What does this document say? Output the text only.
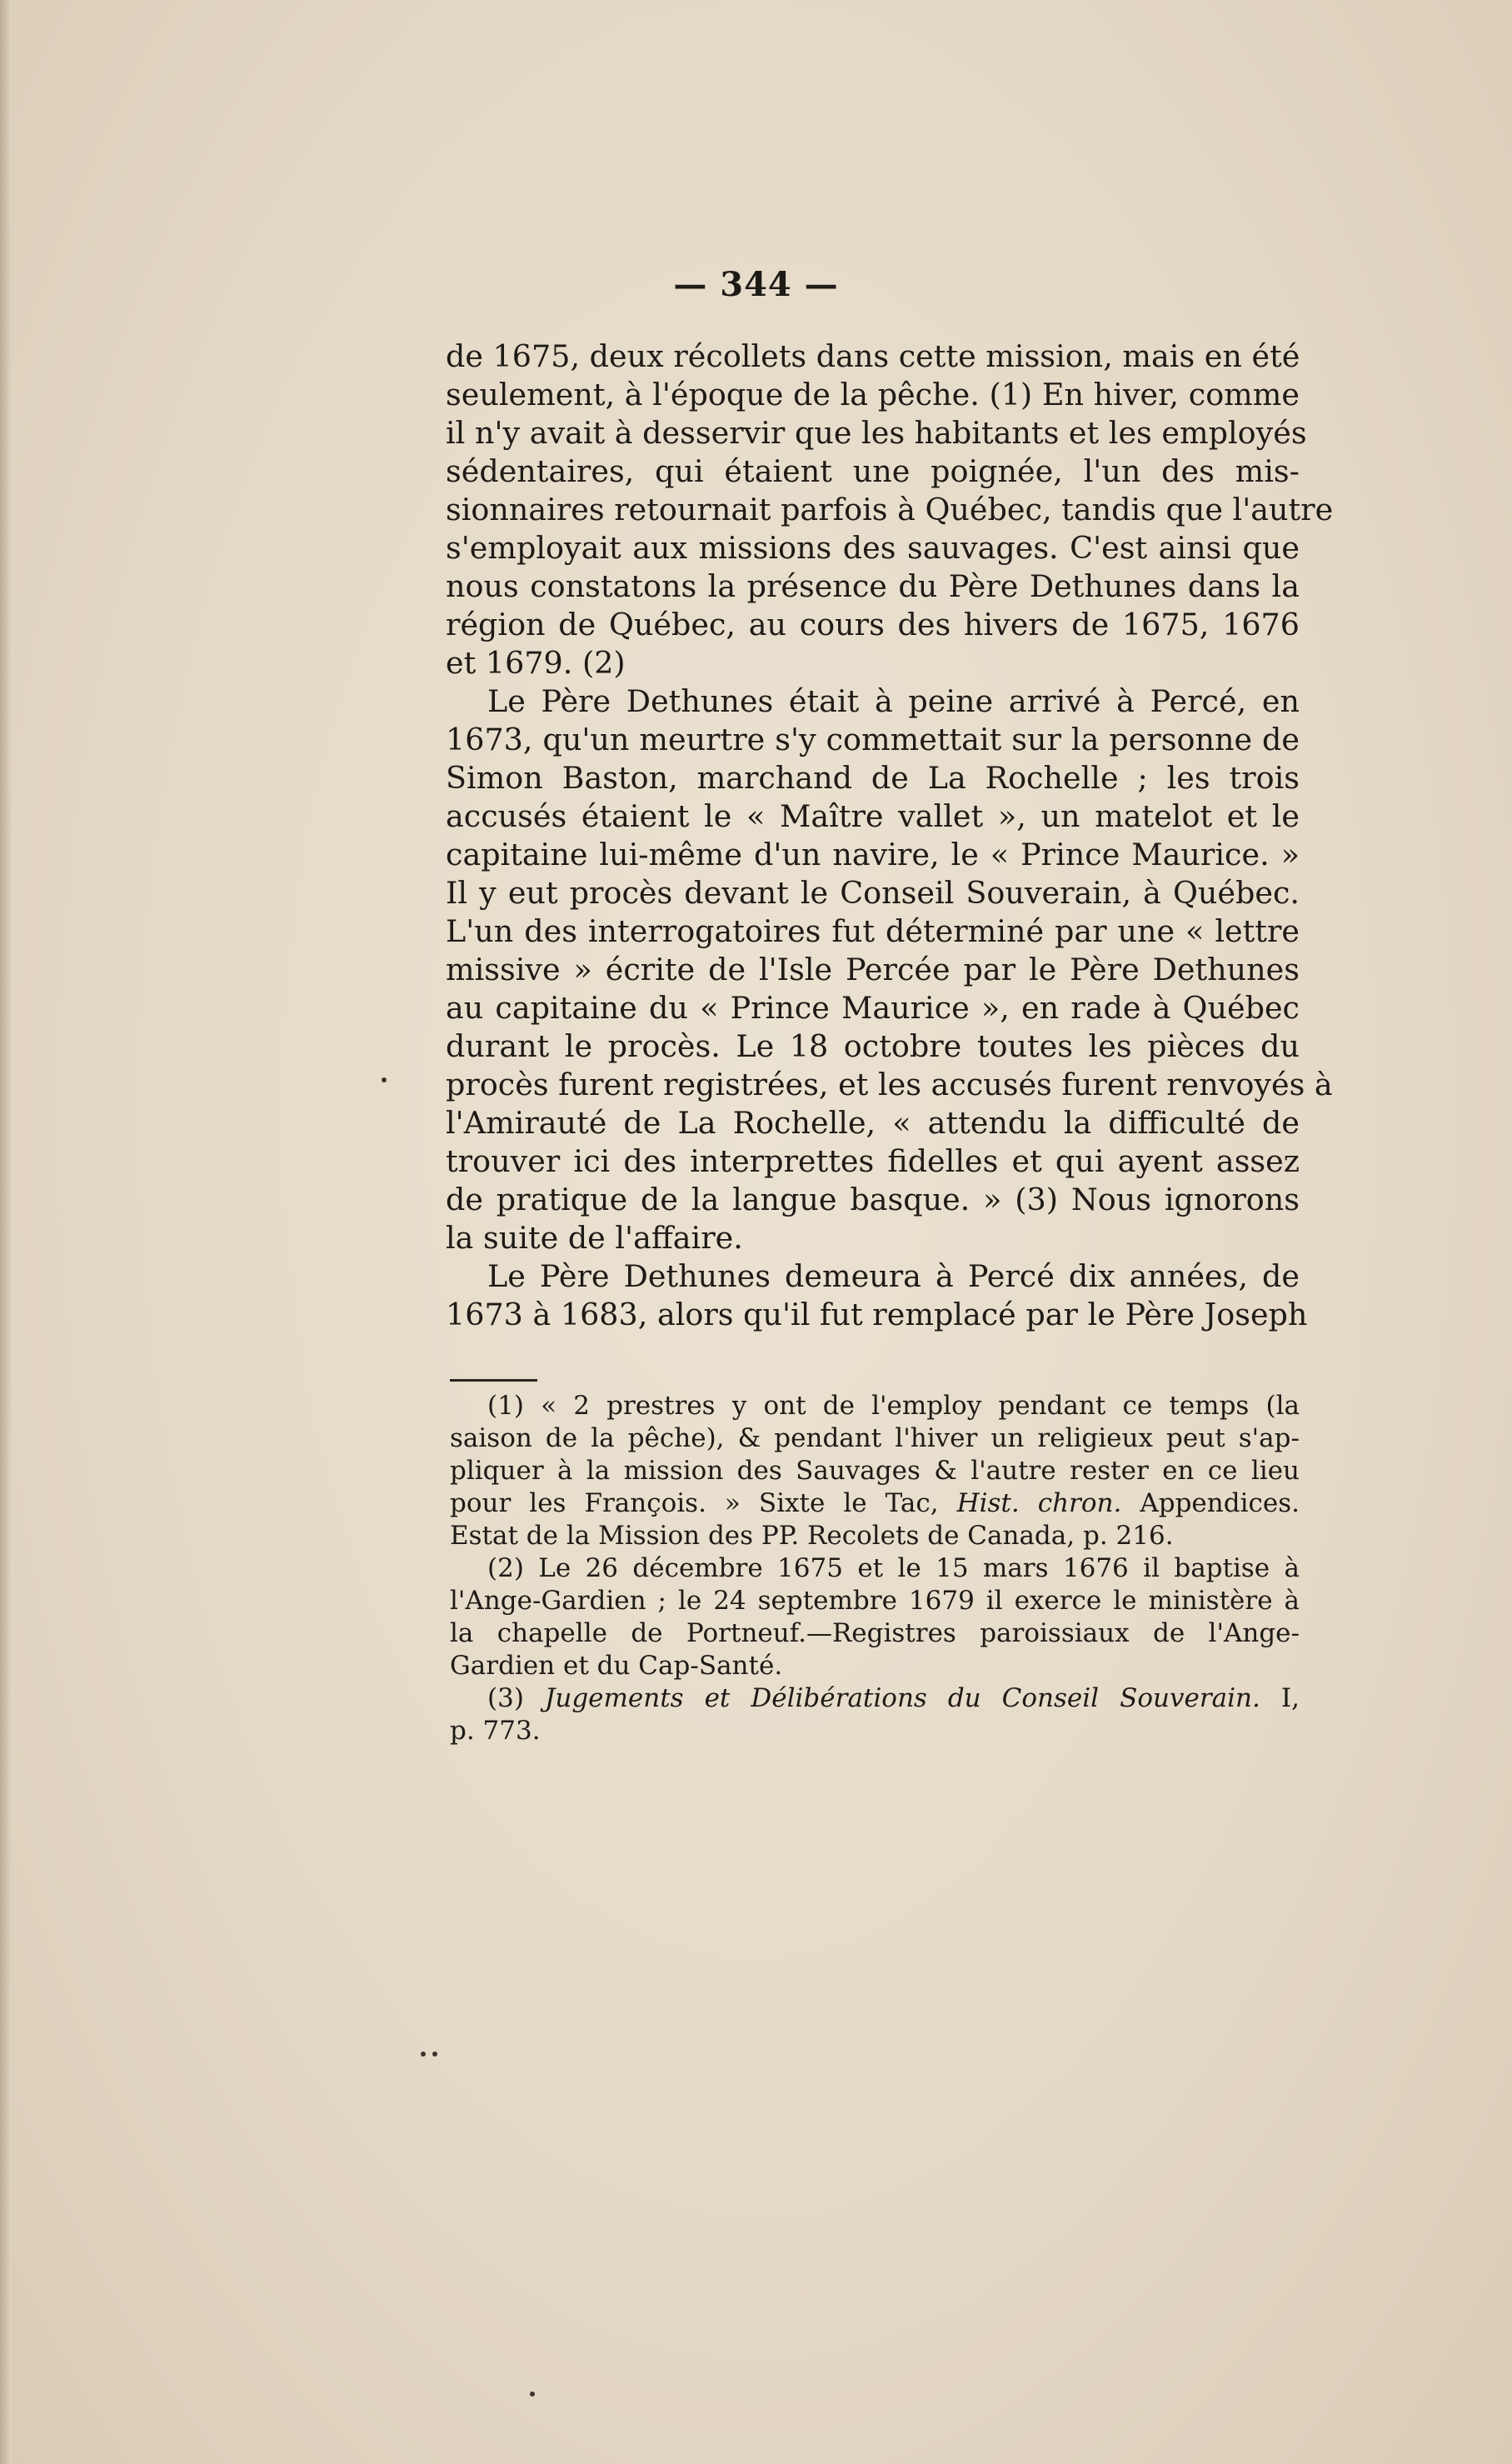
— 344 —
de 1675, deux récollets dans cette mission, mais en été
seulement, à l'époque de la pêche. (1) En hiver, comme
il n'y avait à desservir que les habitants et les employés
sédentaires, qui étaient une poignée, l'un des mis-
sionnaires retournait parfois à Québec, tandis que l'autre
s'employait aux missions des sauvages. C'est ainsi que
nous constatons la présence du Père Dethunes dans la
région de Québec, au cours des hivers de 1675, 1676
et 1679. (2)
Le Père Dethunes était à peine arrivé à Percé, en
1673, qu'un meurtre s'y commettait sur la personne de
Simon Baston, marchand de La Rochelle ; les trois
accusés étaient le « Maître vallet », un matelot et le
capitaine lui-même d'un navire, le « Prince Maurice. »
Il y eut procès devant le Conseil Souverain, à Québec.
L'un des interrogatoires fut déterminé par une « lettre
missive » écrite de l'Isle Percée par le Père Dethunes
au capitaine du « Prince Maurice », en rade à Québec
durant le procès. Le 18 octobre toutes les pièces du
procès furent registrées, et les accusés furent renvoyés à
l'Amirauté de La Rochelle, « attendu la difficulté de
trouver ici des interprettes fidelles et qui ayent assez
de pratique de la langue basque. » (3) Nous ignorons
la suite de l'affaire.
Le Père Dethunes demeura à Percé dix années, de
1673 à 1683, alors qu'il fut remplacé par le Père Joseph
(1) « 2 prestres y ont de l'employ pendant ce temps (la
saison de la pêche), & pendant l'hiver un religieux peut s'ap-
pliquer à la mission des Sauvages & l'autre rester en ce lieu
pour les François. » Sixte le Tac, Hist. chron. Appendices.
Estat de la Mission des PP. Recolets de Canada, p. 216.
(2) Le 26 décembre 1675 et le 15 mars 1676 il baptise à
l'Ange-Gardien ; le 24 septembre 1679 il exerce le ministère à
la chapelle de Portneuf.—Registres paroissiaux de l'Ange-
Gardien et du Cap-Santé.
(3) Jugements et Délibérations du Conseil Souverain. I,
p. 773.
